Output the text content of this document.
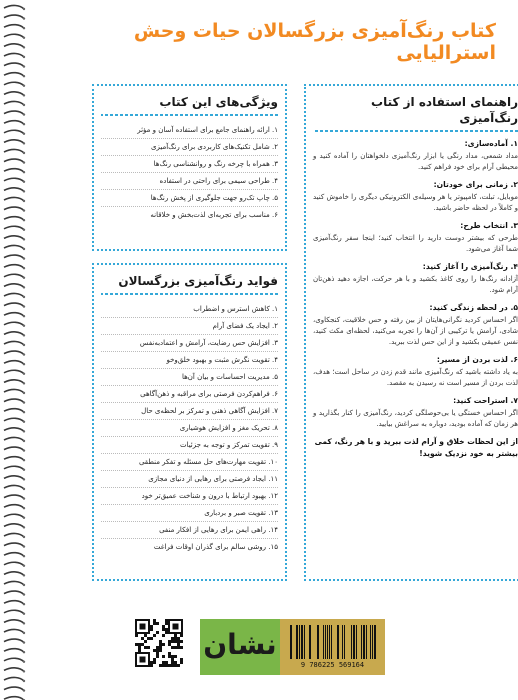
کتاب رنگ‌آمیزی بزرگسالان حیات وحش استرالیایی
راهنمای استفاده از کتاب رنگ‌آمیزی
۱. آماده‌سازی:
مداد شمعی، مداد رنگی یا ابزار رنگ‌آمیزی دلخواهتان را آماده کنید و محیطی آرام برای خود فراهم کنید.
۲. زمانی برای خودتان:
موبایل، تبلت، کامپیوتر یا هر وسیله‌ی الکترونیکی دیگری را خاموش کنید و کاملاً در لحظه حاضر باشید.
۳. انتخاب طرح:
طرحی که بیشتر دوست دارید را انتخاب کنید؛ اینجا سفر رنگ‌آمیزی شما آغاز می‌شود.
۴. رنگ‌آمیزی را آغاز کنید:
آزادانه رنگ‌ها را روی کاغذ بکشید و با هر حرکت، اجازه دهید ذهن‌تان آرام شود.
۵. در لحظه زندگی کنید:
اگر احساس کردید نگرانی‌هایتان از بین رفته و حس خلاقیت، کنجکاوی، شادی، آرامش یا ترکیبی از آن‌ها را تجربه می‌کنید، لحظه‌ای مکث کنید، نفس عمیقی بکشید و از این حس لذت ببرید.
۶. لذت بردن از مسیر:
به یاد داشته باشید که رنگ‌آمیزی مانند قدم زدن در ساحل است؛ هدف، لذت بردن از مسیر است نه رسیدن به مقصد.
۷. استراحت کنید:
اگر احساس خستگی یا بی‌حوصلگی کردید، رنگ‌آمیزی را کنار بگذارید و هر زمان که آماده بودید، دوباره به سراغش بیایید.
از این لحظات خلاق و آرام لذت ببرید و با هر رنگ، کمی بیشتر به خود نزدیک شوید!
ویژگی‌های این کتاب
۱. ارائه راهنمای جامع برای استفاده آسان و مؤثر
۲. شامل تکنیک‌های کاربردی برای رنگ‌آمیزی
۳. همراه با چرخه رنگ و روانشناسی رنگ‌ها
۴. طراحی سیمی برای راحتی در استفاده
۵. چاپ تک‌رو جهت جلوگیری از پخش رنگ‌ها
۶. مناسب برای تجربه‌ای لذت‌بخش و خلاقانه
فواید رنگ‌آمیزی بزرگسالان
۱. کاهش استرس و اضطراب
۲. ایجاد یک فضای آرام
۳. افزایش حس رضایت، آرامش و اعتماد‌به‌نفس
۴. تقویت نگرش مثبت و بهبود خلق‌وخو
۵. مدیریت احساسات و بیان آن‌ها
۶. فراهم‌کردن فرصتی برای مراقبه و ذهن‌آگاهی
۷. افزایش آگاهی ذهنی و تمرکز بر لحظه‌ی حال
۸. تحریک مغز و افزایش هوشیاری
۹. تقویت تمرکز و توجه به جزئیات
۱۰. تقویت مهارت‌های حل مسئله و تفکر منطقی
۱۱. ایجاد فرصتی برای رهایی از دنیای مجازی
۱۲. بهبود ارتباط با درون و شناخت عمیق‌تر خود
۱۳. تقویت صبر و بردباری
۱۴. راهی ایمن برای رهایی از افکار منفی
۱۵. روشی سالم برای گذران اوقات فراغت
نشان
9 786225 569164
